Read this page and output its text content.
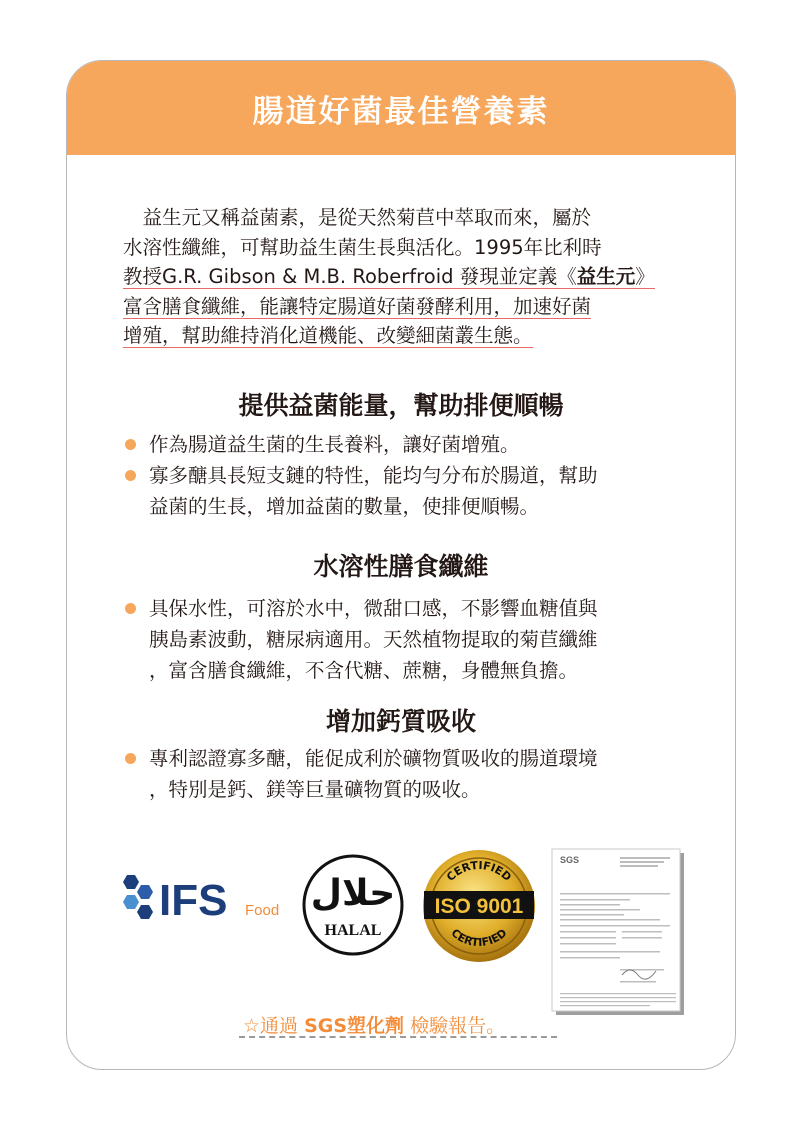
腸道好菌最佳營養素
　益生元又稱益菌素，是從天然菊苣中萃取而來，屬於
水溶性纖維，可幫助益生菌生長與活化。1995年比利時
教授G.R. Gibson & M.B. Roberfroid 發現並定義《益生元》
富含膳食纖維，能讓特定腸道好菌發酵利用，加速好菌
增殖，幫助維持消化道機能、改變細菌叢生態。
提供益菌能量，幫助排便順暢
作為腸道益生菌的生長養料，讓好菌增殖。
寡多醣具長短支鏈的特性，能均勻分布於腸道，幫助
益菌的生長，增加益菌的數量，使排便順暢。
水溶性膳食纖維
具保水性，可溶於水中，微甜口感，不影響血糖值與
胰島素波動，糖尿病適用。天然植物提取的菊苣纖維
，富含膳食纖維，不含代糖、蔗糖，身體無負擔。
增加鈣質吸收
專利認證寡多醣，能促成利於礦物質吸收的腸道環境
，特別是鈣、鎂等巨量礦物質的吸收。
IFS Food حلال
HALAL
CERTIFIED
ISO 9001
CERTIFIED
SGS
☆通過 SGS塑化劑 檢驗報告。
